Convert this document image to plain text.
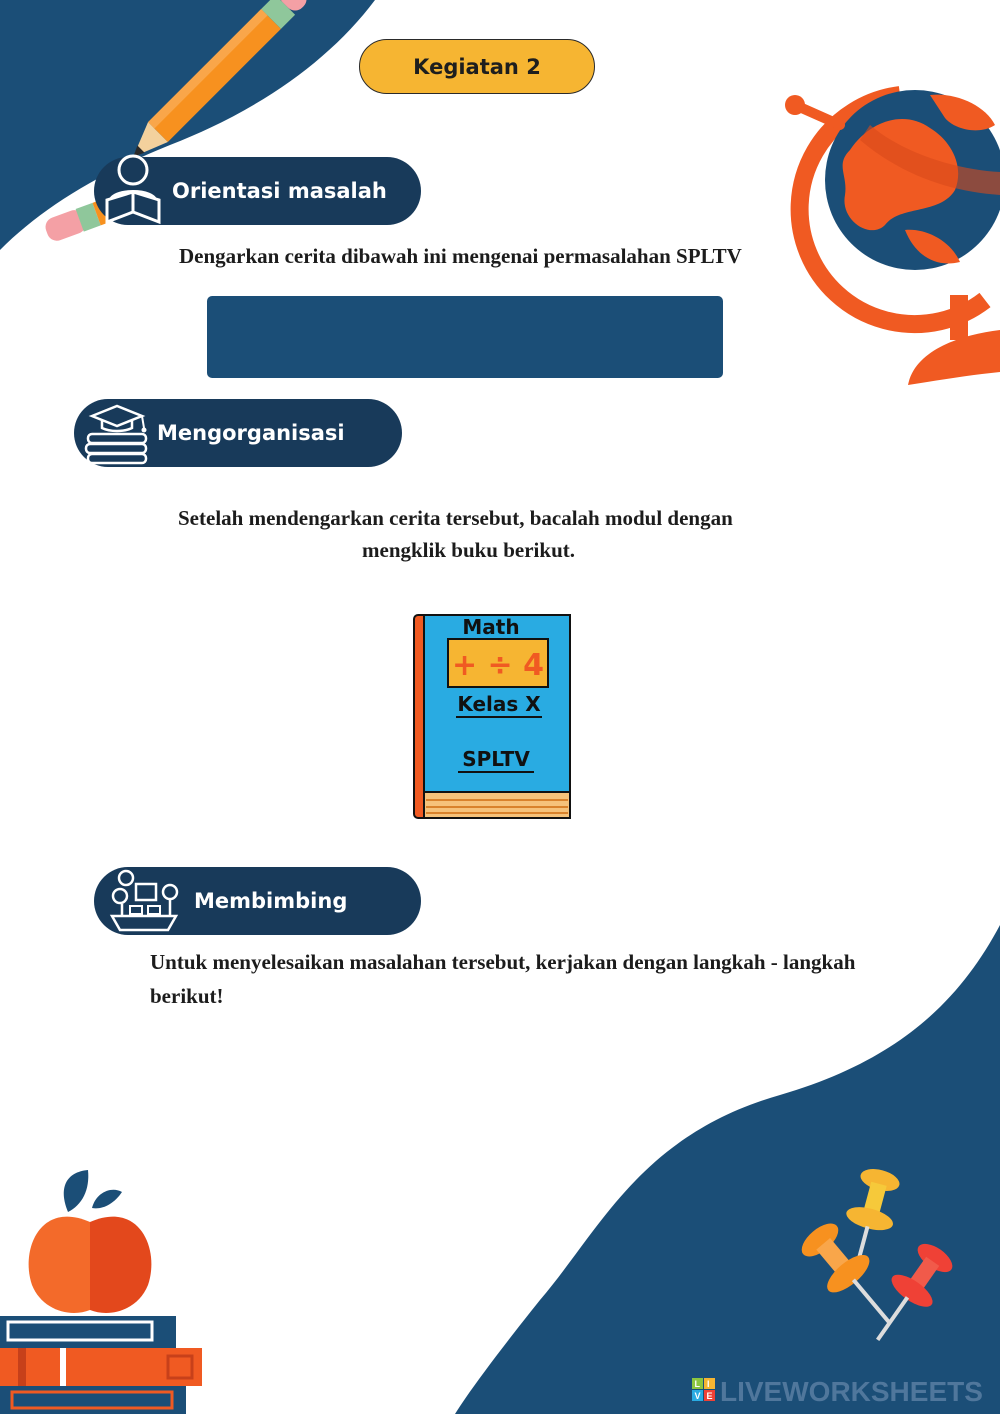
Kegiatan 2
Orientasi masalah
Dengarkan cerita dibawah ini mengenai permasalahan SPLTV
Mengorganisasi
Setelah mendengarkan cerita tersebut, bacalah modul dengan
mengklik buku berikut.
Math
+ ÷ 4
Kelas X
SPLTV
Membimbing
Untuk menyelesaikan masalahan tersebut, kerjakan dengan langkah - langkah
berikut!
L I
V E LIVEWORKSHEETS
